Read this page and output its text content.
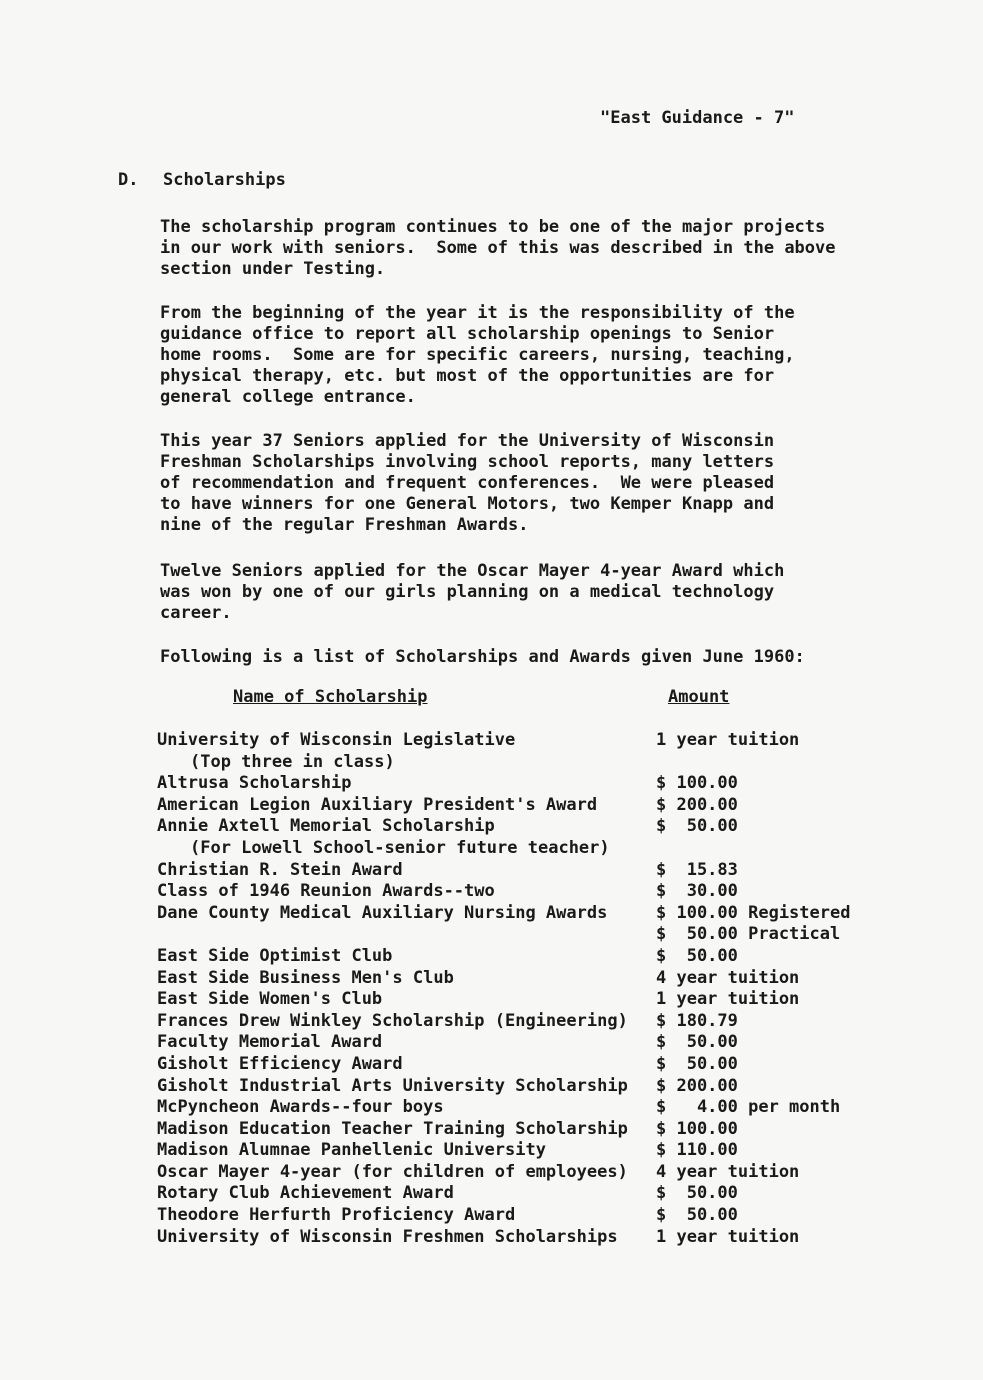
"East Guidance - 7"
D. Scholarships
The scholarship program continues to be one of the major projects
in our work with seniors.  Some of this was described in the above
section under Testing.
From the beginning of the year it is the responsibility of the
guidance office to report all scholarship openings to Senior
home rooms.  Some are for specific careers, nursing, teaching,
physical therapy, etc. but most of the opportunities are for
general college entrance.
This year 37 Seniors applied for the University of Wisconsin
Freshman Scholarships involving school reports, many letters
of recommendation and frequent conferences.  We were pleased
to have winners for one General Motors, two Kemper Knapp and
nine of the regular Freshman Awards.
Twelve Seniors applied for the Oscar Mayer 4-year Award which
was won by one of our girls planning on a medical technology
career.
Following is a list of Scholarships and Awards given June 1960:
Name of Scholarship	Amount
University of Wisconsin Legislative	1 year tuition
(Top three in class)
Altrusa Scholarship	$ 100.00
American Legion Auxiliary President's Award	$ 200.00
Annie Axtell Memorial Scholarship	$  50.00
(For Lowell School-senior future teacher)
Christian R. Stein Award	$  15.83
Class of 1946 Reunion Awards--two	$  30.00
Dane County Medical Auxiliary Nursing Awards	$ 100.00 Registered
$  50.00 Practical
East Side Optimist Club	$  50.00
East Side Business Men's Club	4 year tuition
East Side Women's Club	1 year tuition
Frances Drew Winkley Scholarship (Engineering) $ 180.79
Faculty Memorial Award	$  50.00
Gisholt Efficiency Award	$  50.00
Gisholt Industrial Arts University Scholarship $ 200.00
McPyncheon Awards--four boys	$   4.00 per month
Madison Education Teacher Training Scholarship $ 100.00
Madison Alumnae Panhellenic University	$ 110.00
Oscar Mayer 4-year (for children of employees) 4 year tuition
Rotary Club Achievement Award	$  50.00
Theodore Herfurth Proficiency Award	$  50.00
University of Wisconsin Freshmen Scholarships 1 year tuition
